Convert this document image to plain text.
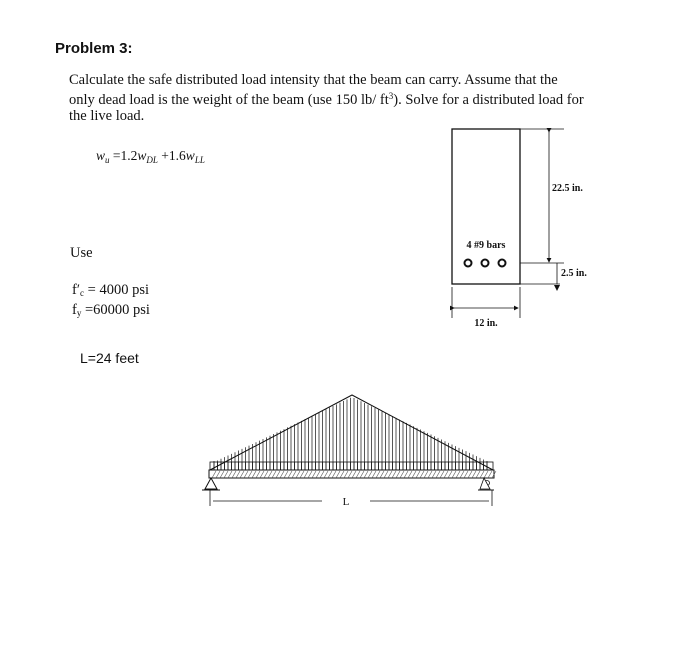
Problem 3:

Calculate the safe distributed load intensity that the beam can carry. Assume that the

only dead load is the weight of the beam (use 150 lb/ $ft^3$). Solve for a distributed load for

the live load.

$w_u =1.2w_{DL} +1.6w_{LL}$
Use

$f'_c = 4000$ psi

$f_y =60000$ psi

L=24 feet
22.5 in.
2.5 in.
4 #9 bars
12 in.
L
